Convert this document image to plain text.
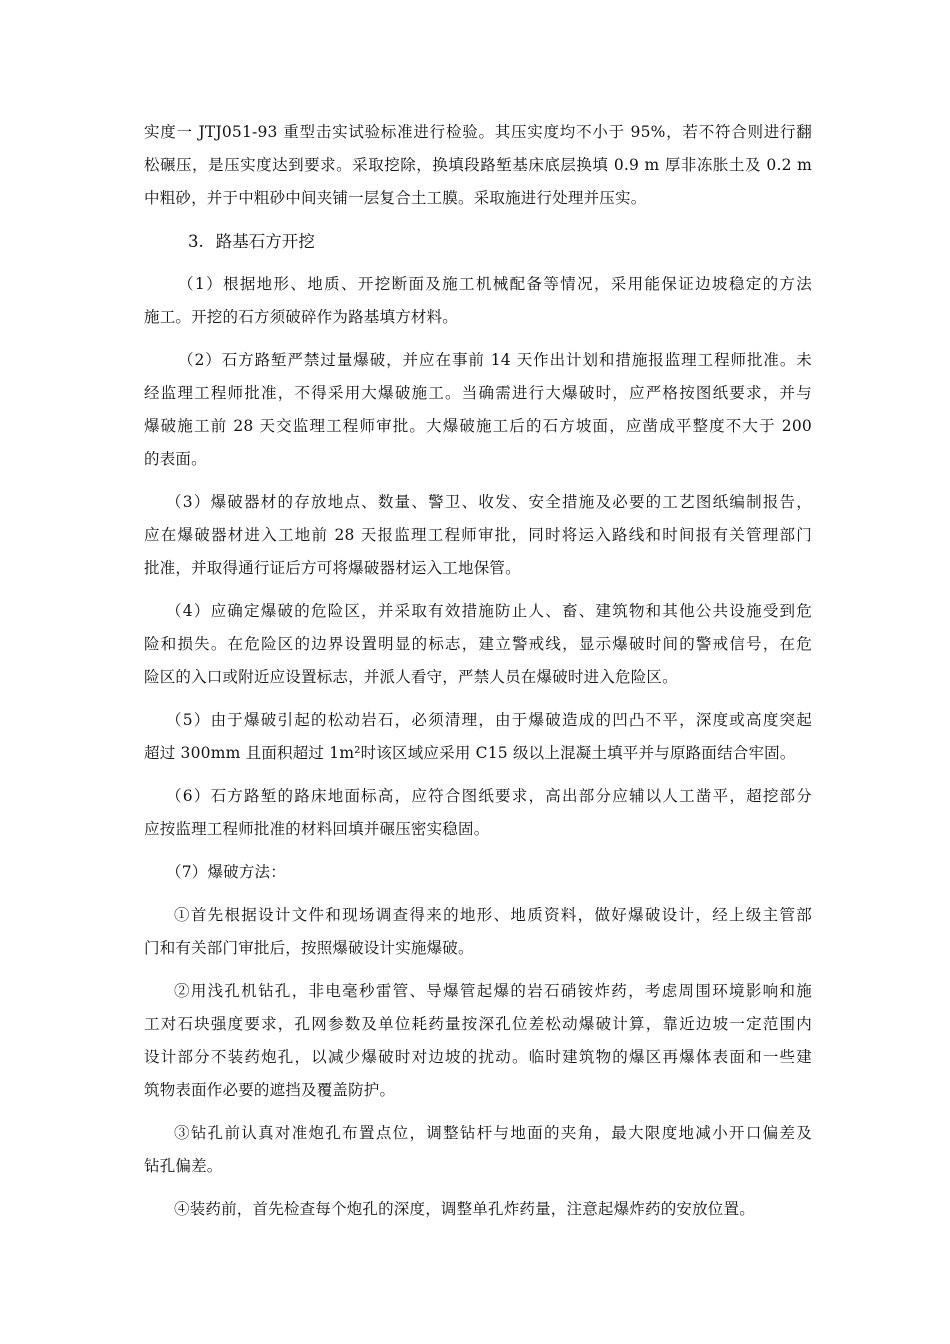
实度一 JTJ051-93 重型击实试验标准进行检验。其压实度均不小于 95%，若不符合则进行翻
松碾压，是压实度达到要求。采取挖除，换填段路堑基床底层换填 0.9 m 厚非冻胀土及 0.2 m
中粗砂，并于中粗砂中间夹铺一层复合土工膜。采取施进行处理并压实。
3. 路基石方开挖
（1）根据地形、地质、开挖断面及施工机械配备等情况，采用能保证边坡稳定的方法
施工。开挖的石方须破碎作为路基填方材料。
（2）石方路堑严禁过量爆破，并应在事前 14 天作出计划和措施报监理工程师批准。未
经监理工程师批准，不得采用大爆破施工。当确需进行大爆破时，应严格按图纸要求，并与
爆破施工前 28 天交监理工程师审批。大爆破施工后的石方坡面，应凿成平整度不大于 200
的表面。
（3）爆破器材的存放地点、数量、警卫、收发、安全措施及必要的工艺图纸编制报告，
应在爆破器材进入工地前 28 天报监理工程师审批，同时将运入路线和时间报有关管理部门
批准，并取得通行证后方可将爆破器材运入工地保管。
（4）应确定爆破的危险区，并采取有效措施防止人、畜、建筑物和其他公共设施受到危
险和损失。在危险区的边界设置明显的标志，建立警戒线，显示爆破时间的警戒信号，在危
险区的入口或附近应设置标志，并派人看守，严禁人员在爆破时进入危险区。
（5）由于爆破引起的松动岩石，必须清理，由于爆破造成的凹凸不平，深度或高度突起
超过 300mm 且面积超过 1m²时该区域应采用 C15 级以上混凝土填平并与原路面结合牢固。
（6）石方路堑的路床地面标高，应符合图纸要求，高出部分应辅以人工凿平，超挖部分
应按监理工程师批准的材料回填并碾压密实稳固。
（7）爆破方法：
①首先根据设计文件和现场调查得来的地形、地质资料，做好爆破设计，经上级主管部
门和有关部门审批后，按照爆破设计实施爆破。
②用浅孔机钻孔，非电毫秒雷管、导爆管起爆的岩石硝铵炸药，考虑周围环境影响和施
工对石块强度要求，孔网参数及单位耗药量按深孔位差松动爆破计算，靠近边坡一定范围内
设计部分不装药炮孔，以减少爆破时对边坡的扰动。临时建筑物的爆区再爆体表面和一些建
筑物表面作必要的遮挡及覆盖防护。
③钻孔前认真对准炮孔布置点位，调整钻杆与地面的夹角，最大限度地减小开口偏差及
钻孔偏差。
④装药前，首先检查每个炮孔的深度，调整单孔炸药量，注意起爆炸药的安放位置。
